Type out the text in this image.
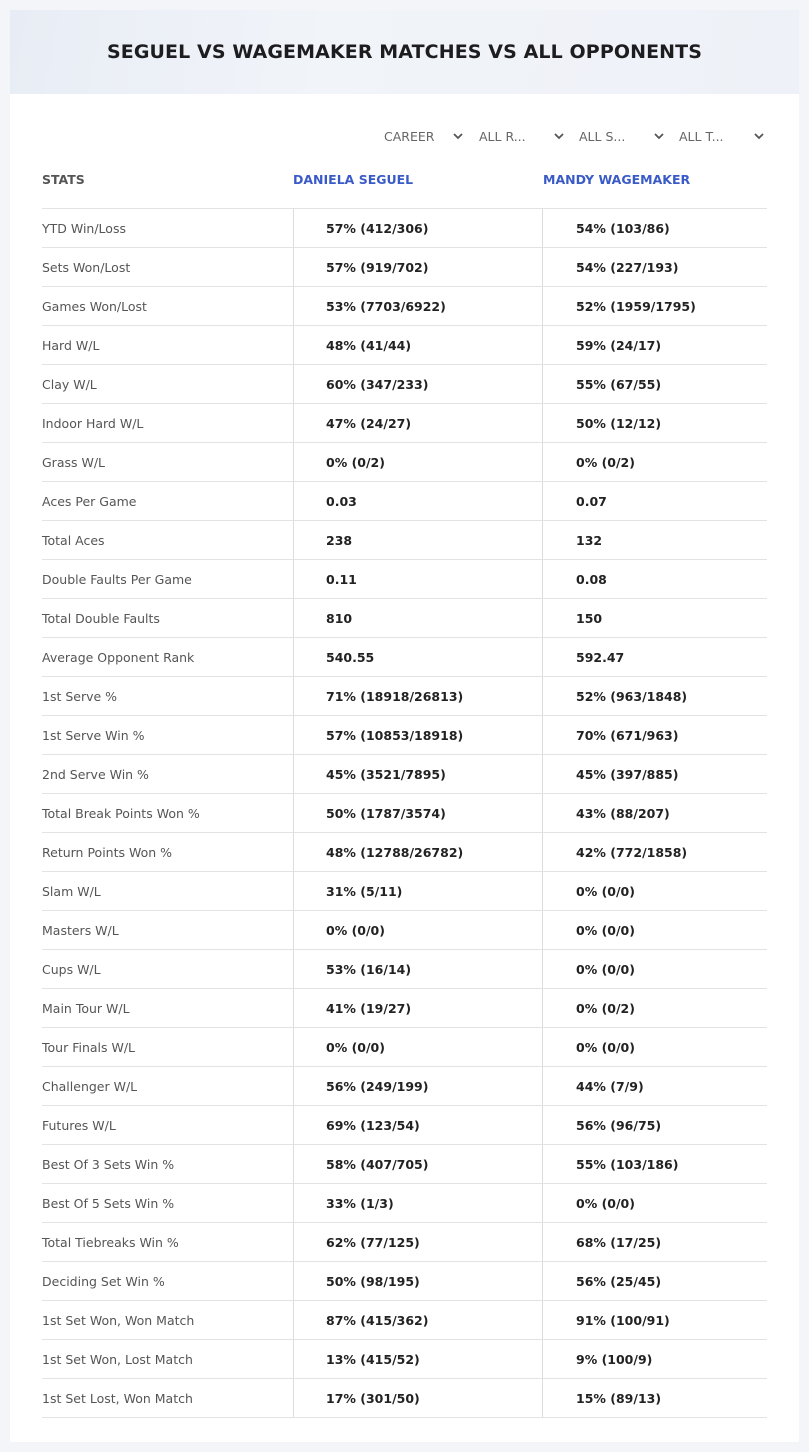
SEGUEL VS WAGEMAKER MATCHES VS ALL OPPONENTS
CAREER	ALL R...	ALL S...	ALL T...
STATS	DANIELA SEGUEL	MANDY WAGEMAKER
YTD Win/Loss	57% (412/306)	54% (103/86)
Sets Won/Lost	57% (919/702)	54% (227/193)
Games Won/Lost	53% (7703/6922)	52% (1959/1795)
Hard W/L	48% (41/44)	59% (24/17)
Clay W/L	60% (347/233)	55% (67/55)
Indoor Hard W/L	47% (24/27)	50% (12/12)
Grass W/L	0% (0/2)	0% (0/2)
Aces Per Game	0.03	0.07
Total Aces	238	132
Double Faults Per Game	0.11	0.08
Total Double Faults	810	150
Average Opponent Rank	540.55	592.47
1st Serve %	71% (18918/26813)	52% (963/1848)
1st Serve Win %	57% (10853/18918)	70% (671/963)
2nd Serve Win %	45% (3521/7895)	45% (397/885)
Total Break Points Won %	50% (1787/3574)	43% (88/207)
Return Points Won %	48% (12788/26782)	42% (772/1858)
Slam W/L	31% (5/11)	0% (0/0)
Masters W/L	0% (0/0)	0% (0/0)
Cups W/L	53% (16/14)	0% (0/0)
Main Tour W/L	41% (19/27)	0% (0/2)
Tour Finals W/L	0% (0/0)	0% (0/0)
Challenger W/L	56% (249/199)	44% (7/9)
Futures W/L	69% (123/54)	56% (96/75)
Best Of 3 Sets Win %	58% (407/705)	55% (103/186)
Best Of 5 Sets Win %	33% (1/3)	0% (0/0)
Total Tiebreaks Win %	62% (77/125)	68% (17/25)
Deciding Set Win %	50% (98/195)	56% (25/45)
1st Set Won, Won Match	87% (415/362)	91% (100/91)
1st Set Won, Lost Match	13% (415/52)	9% (100/9)
1st Set Lost, Won Match	17% (301/50)	15% (89/13)
